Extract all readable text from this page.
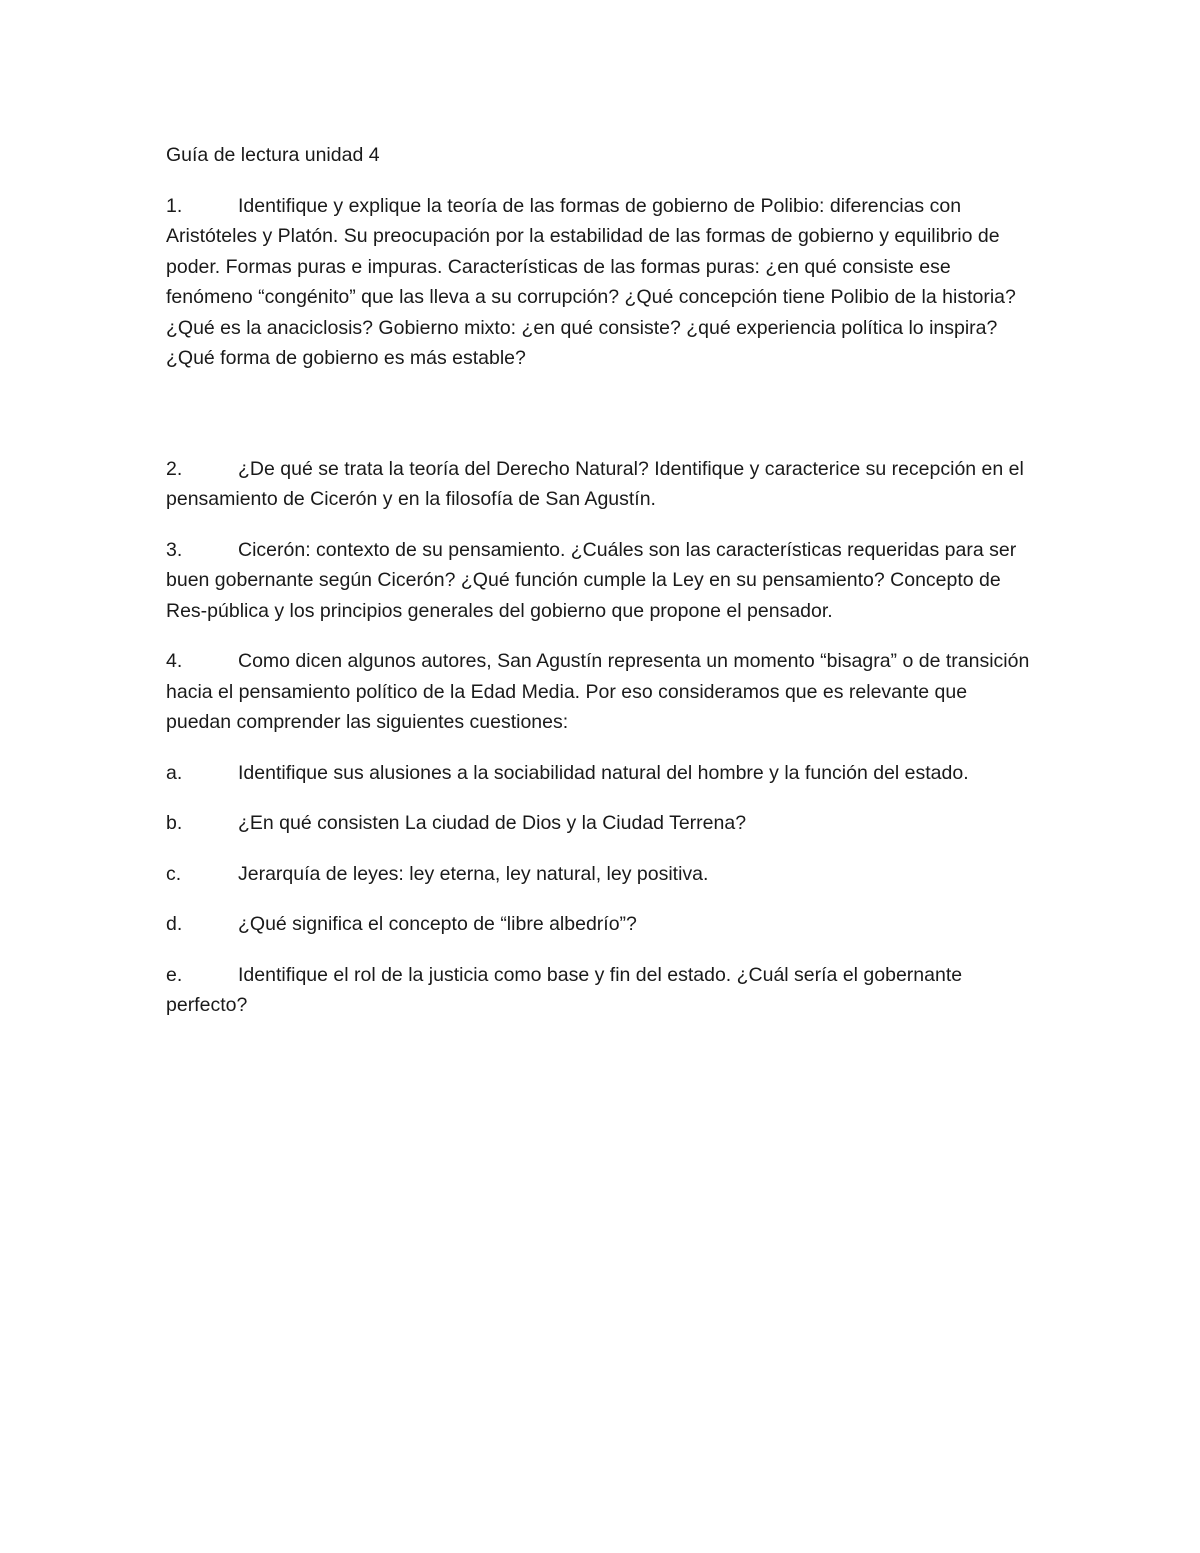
Guía de lectura unidad 4

1.	Identifique y explique la teoría de las formas de gobierno de Polibio: diferencias con Aristóteles y Platón. Su preocupación por la estabilidad de las formas de gobierno y equilibrio de poder. Formas puras e impuras. Características de las formas puras: ¿en qué consiste ese fenómeno “congénito” que las lleva a su corrupción? ¿Qué concepción tiene Polibio de la historia? ¿Qué es la anaciclosis? Gobierno mixto: ¿en qué consiste? ¿qué experiencia política lo inspira? ¿Qué forma de gobierno es más estable?

2.	¿De qué se trata la teoría del Derecho Natural? Identifique y caracterice su recepción en el pensamiento de Cicerón y en la filosofía de San Agustín.

3.	Cicerón: contexto de su pensamiento. ¿Cuáles son las características requeridas para ser buen gobernante según Cicerón? ¿Qué función cumple la Ley en su pensamiento? Concepto de Res-pública y los principios generales del gobierno que propone el pensador.

4.	Como dicen algunos autores, San Agustín representa un momento “bisagra” o de transición hacia el pensamiento político de la Edad Media. Por eso consideramos que es relevante que puedan comprender las siguientes cuestiones:

a.	Identifique sus alusiones a la sociabilidad natural del hombre y la función del estado.

b.	¿En qué consisten La ciudad de Dios y la Ciudad Terrena?

c.	Jerarquía de leyes: ley eterna, ley natural, ley positiva.

d.	¿Qué significa el concepto de “libre albedrío”?

e.	Identifique el rol de la justicia como base y fin del estado. ¿Cuál sería el gobernante perfecto?
